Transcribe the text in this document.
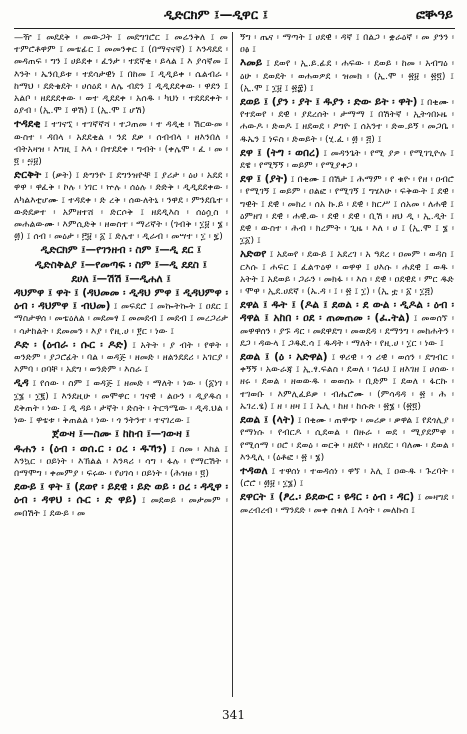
ዲድርክም ፤—ዲዋር ፤	ፎቝዓይ

—ዥ ፤ መደደቅ ፡ መውጋት ፤ መደግገሮር ፤ መሬንቅለ ፤ መ ተምሮቶዋም ፤ መቴፊር ፤ መመንቀር ፤ (በማናናኛ) ፤ እንዳደደ ፡ መዳጠፍ ፡ ግን ፤ ሀይደቀ ፡ ፈንታ ፡ ተደኛቂ ፡ ይላል ፤ እ ያሳኛመ ፤ እንት ፡ ኤንቢይቱ ፡ ተደሳታዊነ ፤ በከመ ፤ ዲዲይቀ ፡ ሴልብራ ፡ ከማህ ፡ ደድቄደት ፡ ሀሰዕደ ፡ ለሌ ብደን ፤ ዲዲደደቀው ፡ ዋደን ፤ አልቦ ፡ ዘደደደቀው ፡ ወተ ዲደደቀ ፡ አሰዱ ፡ ካህነ ፡ ተደደደቀት ፡ ዕያብ ፡ (ኢ.ሞ ፤ ዋሽ) ፤ (ኢ.ሞ ፤ ሆሽ)

ተዳደቂ ፤ ተገናኚ ፡ ተገኛኛሻ ፡ ተጋጠመ ፡ ተ ዳዲቂ ፡ ሽርውመ ፡ ውስተ ፡ ዳበላ ፡ አደደቂል ፡ ንደ ደቃ ፡ ሰብብላ ፡ ዘእንበለ ፡ ብትአዛዝ ፡ እግዚ ፤ እላ ፡ በተደደቀ ፡ ግብት ፡ (ቀሌሞ ፡ ፈ ፡ መ ፡ ፬ ፡ ፵፱)

ድርቅት ፤ (ቃት) ፤ ድግንዮ ፤ ደግንዝዮቸ ፤ ያሪታ ፡ ዕሀ ፡ አደደ ፡ ዋዋ ፡ ዋፈቅ ፡ ኮሉ ፡ ነገር ፡ ኵሉ ፡ ሰዕሉ ፡ ድድቅ ፡ ዲዲደደቀው ፡ ለካልእቲሆሙ ፤ ተዳደቀ ፡ ድ ረቅ ፡ ሰውለትኒ ፡ ንዋደ ፡ ምንደቤተ ፡ ውድደቃተ ፡ አምዘተሸ ፡ ድርሶቅ ፤ ዘደዲእስ ፡ ሰዕሷስ ፡ መሐልውሙ ፡ እምሲድቅ ፡ ዘወስተ ፡ ማሪኛት ፡ (ገብቅ ፡ ፲፱ ፡ ፮ ፡ ፴) ፤ ሰብ ፡ መዕታ ፡ ፫፱ ፡ ፩ ፤ ድሌተ ፡ ዲራብ ፡ መሣተ ፡ ፲ ፡ ፯)

ዲድርክም ፤—የገንዘብ ፡ ስም ፤—ዲ ደር ፤

ዲድስቅልያ ፤—የመጣፍ ፡ ስም ፤—ዲ ደደስ ፤

ደሀለ ፤—ሽሽ ፤—ዲሐለ ፤

ዳህምዋ ፤ ዋት ፤ (ዳህመመ ፡ ዲዳህ ምዋ ፤ ዲዳህምዋ ፡ ዕብ ፡ ዳህምዋ ፤ ብህመ) ፤ መፍደሮ ፤ መኰትኰት ፤ ዐደር ፤ ማስታዋሰ ፡ መቴዕለል ፡ መደመፃ ፤ መመደብ ፤ መደብ ፤ መረጋሪታ ፡ ሳታከልት ፡ ደመመን ፡ እያ ፡ የዚ.ሀ ፡ ፻ር ፡ ነው ፤

ዶድ ፡ (ዕብራ ፡ ሱር ፡ ዶድ) ፤ አትት ፡ ያ ብት ፡ የዋት ፡ ወንድም ፡ ያጋሮፊት ፡ ባል ፡ ወዳጅ ፡ ዘመድ ፡ ዘልንደደሪ ፡ አገርያ ፡ እምባ ፡ ዐባቸ ፡ አደግ ፡ ወንድም ፡ እስራ ፤

ዲዳ ፤ የሰው ፡ ስም ፤ ወዳጅ ፤ ዘመድ ፡ ማለት ፡ ነው ፡ (፩ነገ ፡ ፲፮ ፡ ፲፪) ፤ እንደዚሁ ፡ መሞዋር ፡ ገናዊ ፡ ልዑን ፡ ዲያዱሰ ፡ ደቅጠት ፡ ነው ፤ ዲ ዳይ ፡ ታኛት ፡ ድስት ፡ ትርጓሜው ፡ ዲዳ.ህል ፡ ነው ፤ ዋቴቱ ፡ ቅጠልል ፡ ነው ፡ ጎ ንትንተ ፡ ተናገረው ፤

ጀውዛ ፤—ስሙ ፤ ከከብ ፤—ገውዛ ፤

ዱሐን ፡ (ዕብ ፡ ወሰ.ር ፡ ዐረ ፡ ዱኻን) ፤ ስመ ፡ እክል ፤ እንኳር ፡ ዐይነት ፡ እኽልል ፡ እንጻሪ ፡ ሳግ ፡ ፋሉ ፡ የማርሽት ፡ በማሞግ ፡ ቀመምያ ፡ ፍሩው ፡ የሀገሳ ፡ ዐይነት ፡ (ሕዝፀ ፡ ፬)

ደውይ ፤ ዋት ፤ (ደወየ ፡ ይደዊ ፡ ይድ ወይ ፡ ዐረ ፡ ዳዲዋ ፡ ዕብ ፡ ዳዋህ ፡ ሱር ፡ ድ ዋይ) ፤ መደወይ ፡ መታመም ፡ መበሽት ፤ ደውይ ፡ መ

ኝግ ፡ ጤና ፡ ማጣት ፤ ሀደዊ ፡ ዳኛ ፤ በልጋ ፡ ቋራዕኛ ፡ መ ያንን ፡ ዐፅ ፤

እመይ ፤ ደወየ ፡ ኢ.ይ.ፊደ ፡ ሐፍው ፡ ደወይ ፡ ከመ ፡ አብግዕ ፡ ዕሁ ፡ ደወደት ፡ ወሐወዎደ ፡ ዝመክ ፡ (ኢ.ሞ ፡ ፳፱ ፡ ፳፬) ፤ (ኢ.ሞ ፤ ፲፱ ፤ ፳፰) ፤

ደወይ ፤ (ያን ፡ ያት ፤ ዱያን ፡ ድው ይት ፡ ዋት) ፤ በቂሙ ፡ የተደወየ ፡ ደዊ ፡ ያደረሰት ፡ ታማማ ፤ በሽትኛ ፡ ኢትጎበኑዜ ፡ ሐውዶ ፡ ድወዶ ፤ ዘደወደ ፡ ዖግዮ ፤ ሰአንተ ፡ ድወ.ይኝ ፡ መጋቤ ፡ ዱኤን ፤ ነፍስ ፡ ድወይት ፡ (ሂ.ፈ ፡ ፴ ፡ ፭) ፤

ደዋ ፤ (ትግ ፡ ወበረ) ፤ መዳንጌት ፡ የሚ ያዎ ፡ የሚገጊዮሉ ፤ ደዌ ፡ የሚኝኝ ፡ ወይም ፡ የሚያቀጋ ፡

ደዋ ፤ (ያት) ፤ በቂሙ ፤ በሽታ ፤ ሕማም ፡ የ ቁዮ ፡ የዘ ፡ ዐብሮ ፡ የሚገኝ ፤ ወይም ፡ ዐልፎ ፡ የሚገኝ ፤ ግሄእሁ ፡ ፍቅውት ፤ ደዊ ፡ ግዊት ፤ ደዊ ፡ መክረ ፡ ሰአ ኩ.ይ ፡ ደዊ ፡ ክርሥ ፤ ሰአመ ፡ ለሐዊ ፤ ዕምዘገ ፡ ደዊ ፡ ሐዊ.ው ፡ ደዊ ፡ ደዊ ፡ ቢሽ ፡ ዘህ ዲ ፡ ኢ.ዲት ፤ ደዊ ፡ ውስተ ፡ ሕብ ፡ ክረምት ፡ ጊዜ ፡ እለ ፡ ሀ ፤ (ኢ.ሞ ፤ ፮ ፡ ፲፩) ፤

አድወየ ፤ አደወየ ፡ ደውይ ፤ አደረገ ፡ አ ዓደረ ፡ ዐመም ፡ ወዳስ ፤ ርእሱ ፤ ሐፍር ፤ ፈልጥዕዋ ፡ ወዋዋ ፤ ሀእሱ ፡ ሐደዊ ፤ ወዱ ፡ አትት ፤ አደወይ ፡ ጋራን ፡ መክፋ ፡ ፡ እስ ፡ ደዊ ፡ ዐደዊደ ፡ ምር ዱድ ፡ ሞዋ ፡ ኢደ.ሀደኛ ፡ (ኡ.ዳ ፡ ፤ ፡ ፳ ፤ ፲) ፡ (ኢ ቷ ፡ ፩ ፡ ፲፭)

ደዋል ፤ ዱት ፤ (ዶል ፤ ደወል ፡ ደ ውል ፡ ዲዶል ፡ ዕብ ፡ ዳዋል ፤ አከበ ፡ ዐደ ፡ ጠመጠመ ፡ (ፈ.ትል) ፤ መወሰኘ ፡ መዋዋሰን ፡ ያኙ ዳር ፡ መደዋደግ ፡ መወደዳ ፡ ደማንግ ፡ መከሐትን ፡ ደጋ ፡ ዳውላ ፤ ጋዱደ.ሳ ፤ ዱዳት ፡ ማለት ፡ የዚ.ሀ ፡ ፲ር ፡ ነው ፤

ደወል ፤ (ዕ ፡ አድዋል) ፤ ዋሪዊ ፡ ጎ ሪዊ ፡ ወሰን ፡ ደግብር ፡ ቀኝኝ ፡ አውራጃ ፤ ኢ.ፃ.ፍልስ ፡ ደወለ ፡ ገራህ ፤ ዘእገዘ ፤ ሀሰው ፡ ዘሩ ፡ ደወል ፡ ዘወውዱ ፡ ወወሰኑ ፡ ቢድም ፤ ደወለ ፡ ፋርኩ ፡ ተገወቡ ፡ እምሊፈይቃ ፡ ብሔሮሙ ፡ (ምሳዳዳ ፡ ፳ ፡ ሕ ፡ ኡገረ.ፄ) ፤ ዘ ፡ ዘዛ ፤ ፤ ኡሊ ፡ ከዘ ፡ ከሱጽ ፡ ፳፮ ፡ (፳፬)

ደወል ፤ (ላት) ፤ በቂሙ ፡ ጠዋጭ ፡ መሪቃ ፡ ቃዋል ፤ የደጎሊያ ፡ የማነሱ ፡ የብርዶ ፡ ሲደወል ፡ በዙራ ፡ ወደ ፡ ሚያደምዋ ፡ የሚሰማ ፡ ዐሮ ፡ ደወዕ ፡ ወርቅ ፡ ዘደዮ ፡ ዘሰደር ፡ ባለሙ ፡ ደወል ፡ እንዲሊ ፡ (ዕቶፎ ፡ ፳ ፡ ፮)

ተዳወለ ፤ ተዋሰነ ፡ ተወዳሰነ ፡ ዋኘ ፡ አሊ ፤ ዐውዱ ፡ ጉረባት ፡ (ሮሮ ፡ ፴፱ ፡ ፲፮) ፤

ደዋርት ፤ (ፆረ.፡ ይደውር ፡ ዩዳር ፡ ዕብ ፡ ዳር) ፤ መዛግደ ፡ መረብረብ ፡ ማንደድ ፡ መቀ ስቁለ ፤ እሳት ፡ መለኩስ ፤

341
